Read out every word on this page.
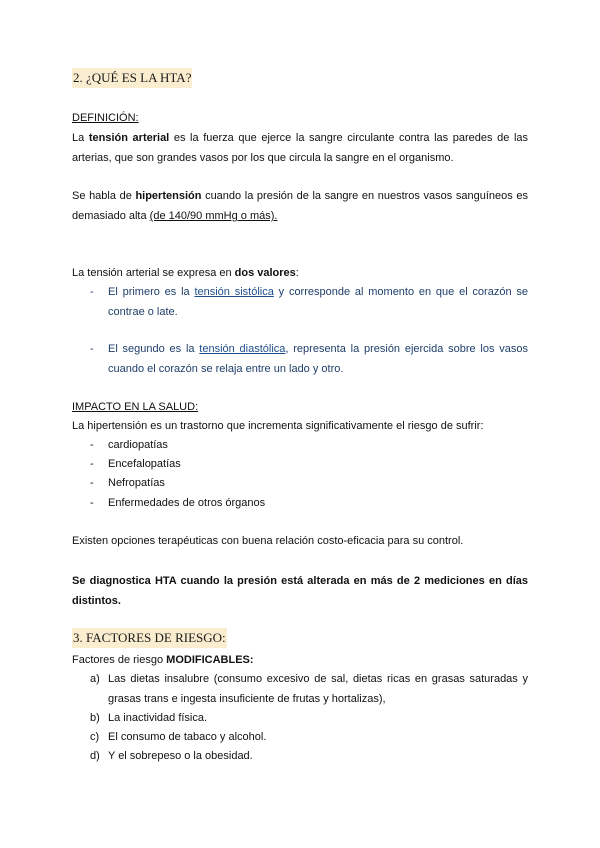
2. ¿QUÉ ES LA HTA?
DEFINICIÓN:
La tensión arterial es la fuerza que ejerce la sangre circulante contra las paredes de las arterias, que son grandes vasos por los que circula la sangre en el organismo.
Se habla de hipertensión cuando la presión de la sangre en nuestros vasos sanguíneos es demasiado alta (de 140/90 mmHg o más).
La tensión arterial se expresa en dos valores:
- El primero es la tensión sistólica y corresponde al momento en que el corazón se contrae o late.
- El segundo es la tensión diastólica, representa la presión ejercida sobre los vasos cuando el corazón se relaja entre un lado y otro.
IMPACTO EN LA SALUD:
La hipertensión es un trastorno que incrementa significativamente el riesgo de sufrir:
- cardiopatías
- Encefalopatías
- Nefropatías
- Enfermedades de otros órganos
Existen opciones terapéuticas con buena relación costo-eficacia para su control.
Se diagnostica HTA cuando la presión está alterada en más de 2 mediciones en días distintos.
3. FACTORES DE RIESGO:
Factores de riesgo MODIFICABLES:
a) Las dietas insalubre (consumo excesivo de sal, dietas ricas en grasas saturadas y grasas trans e ingesta insuficiente de frutas y hortalizas),
b) La inactividad física.
c) El consumo de tabaco y alcohol.
d) Y el sobrepeso o la obesidad.
